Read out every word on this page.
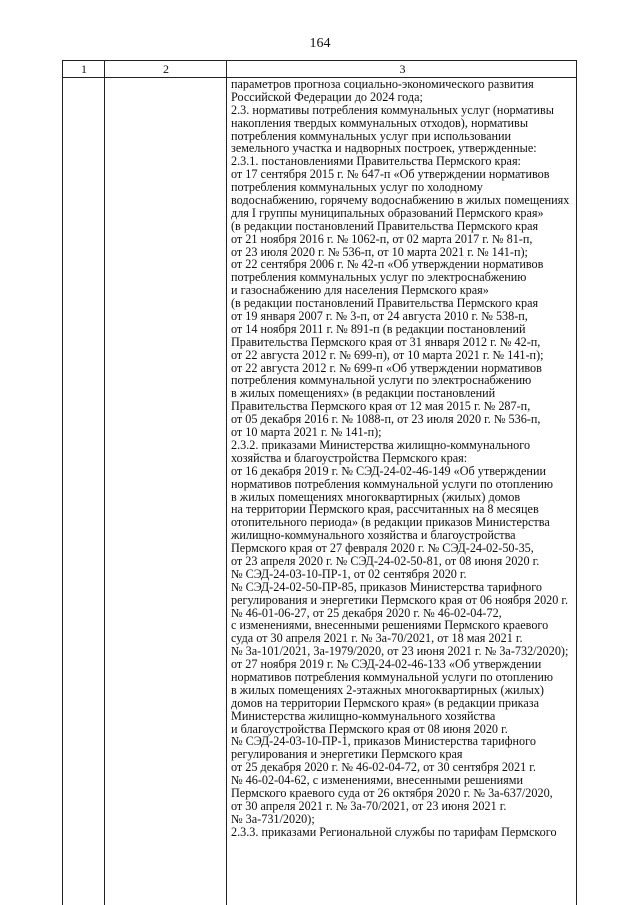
164
1	2	3
параметров прогноза социально-экономического развития
Российской Федерации до 2024 года;
2.3. нормативы потребления коммунальных услуг (нормативы
накопления твердых коммунальных отходов), нормативы
потребления коммунальных услуг при использовании
земельного участка и надворных построек, утвержденные:
2.3.1. постановлениями Правительства Пермского края:
от 17 сентября 2015 г. № 647-п «Об утверждении нормативов
потребления коммунальных услуг по холодному
водоснабжению, горячему водоснабжению в жилых помещениях
для I группы муниципальных образований Пермского края»
(в редакции постановлений Правительства Пермского края
от 21 ноября 2016 г. № 1062-п, от 02 марта 2017 г. № 81-п,
от 23 июля 2020 г. № 536-п, от 10 марта 2021 г. № 141-п);
от 22 сентября 2006 г. № 42-п «Об утверждении нормативов
потребления коммунальных услуг по электроснабжению
и газоснабжению для населения Пермского края»
(в редакции постановлений Правительства Пермского края
от 19 января 2007 г. № 3-п, от 24 августа 2010 г. № 538-п,
от 14 ноября 2011 г. № 891-п (в редакции постановлений
Правительства Пермского края от 31 января 2012 г. № 42-п,
от 22 августа 2012 г. № 699-п), от 10 марта 2021 г. № 141-п);
от 22 августа 2012 г. № 699-п «Об утверждении нормативов
потребления коммунальной услуги по электроснабжению
в жилых помещениях» (в редакции постановлений
Правительства Пермского края от 12 мая 2015 г. № 287-п,
от 05 декабря 2016 г. № 1088-п, от 23 июля 2020 г. № 536-п,
от 10 марта 2021 г. № 141-п);
2.3.2. приказами Министерства жилищно-коммунального
хозяйства и благоустройства Пермского края:
от 16 декабря 2019 г. № СЭД-24-02-46-149 «Об утверждении
нормативов потребления коммунальной услуги по отоплению
в жилых помещениях многоквартирных (жилых) домов
на территории Пермского края, рассчитанных на 8 месяцев
отопительного периода» (в редакции приказов Министерства
жилищно-коммунального хозяйства и благоустройства
Пермского края от 27 февраля 2020 г. № СЭД-24-02-50-35,
от 23 апреля 2020 г. № СЭД-24-02-50-81, от 08 июня 2020 г.
№ СЭД-24-03-10-ПР-1, от 02 сентября 2020 г.
№ СЭД-24-02-50-ПР-85, приказов Министерства тарифного
регулирования и энергетики Пермского края от 06 ноября 2020 г.
№ 46-01-06-27, от 25 декабря 2020 г. № 46-02-04-72,
с изменениями, внесенными решениями Пермского краевого
суда от 30 апреля 2021 г. № 3а-70/2021, от 18 мая 2021 г.
№ 3а-101/2021, 3а-1979/2020, от 23 июня 2021 г. № 3а-732/2020);
от 27 ноября 2019 г. № СЭД-24-02-46-133 «Об утверждении
нормативов потребления коммунальной услуги по отоплению
в жилых помещениях 2-этажных многоквартирных (жилых)
домов на территории Пермского края» (в редакции приказа
Министерства жилищно-коммунального хозяйства
и благоустройства Пермского края от 08 июня 2020 г.
№ СЭД-24-03-10-ПР-1, приказов Министерства тарифного
регулирования и энергетики Пермского края
от 25 декабря 2020 г. № 46-02-04-72, от 30 сентября 2021 г.
№ 46-02-04-62, с изменениями, внесенными решениями
Пермского краевого суда от 26 октября 2020 г. № 3а-637/2020,
от 30 апреля 2021 г. № 3а-70/2021, от 23 июня 2021 г.
№ 3а-731/2020);
2.3.3. приказами Региональной службы по тарифам Пермского
